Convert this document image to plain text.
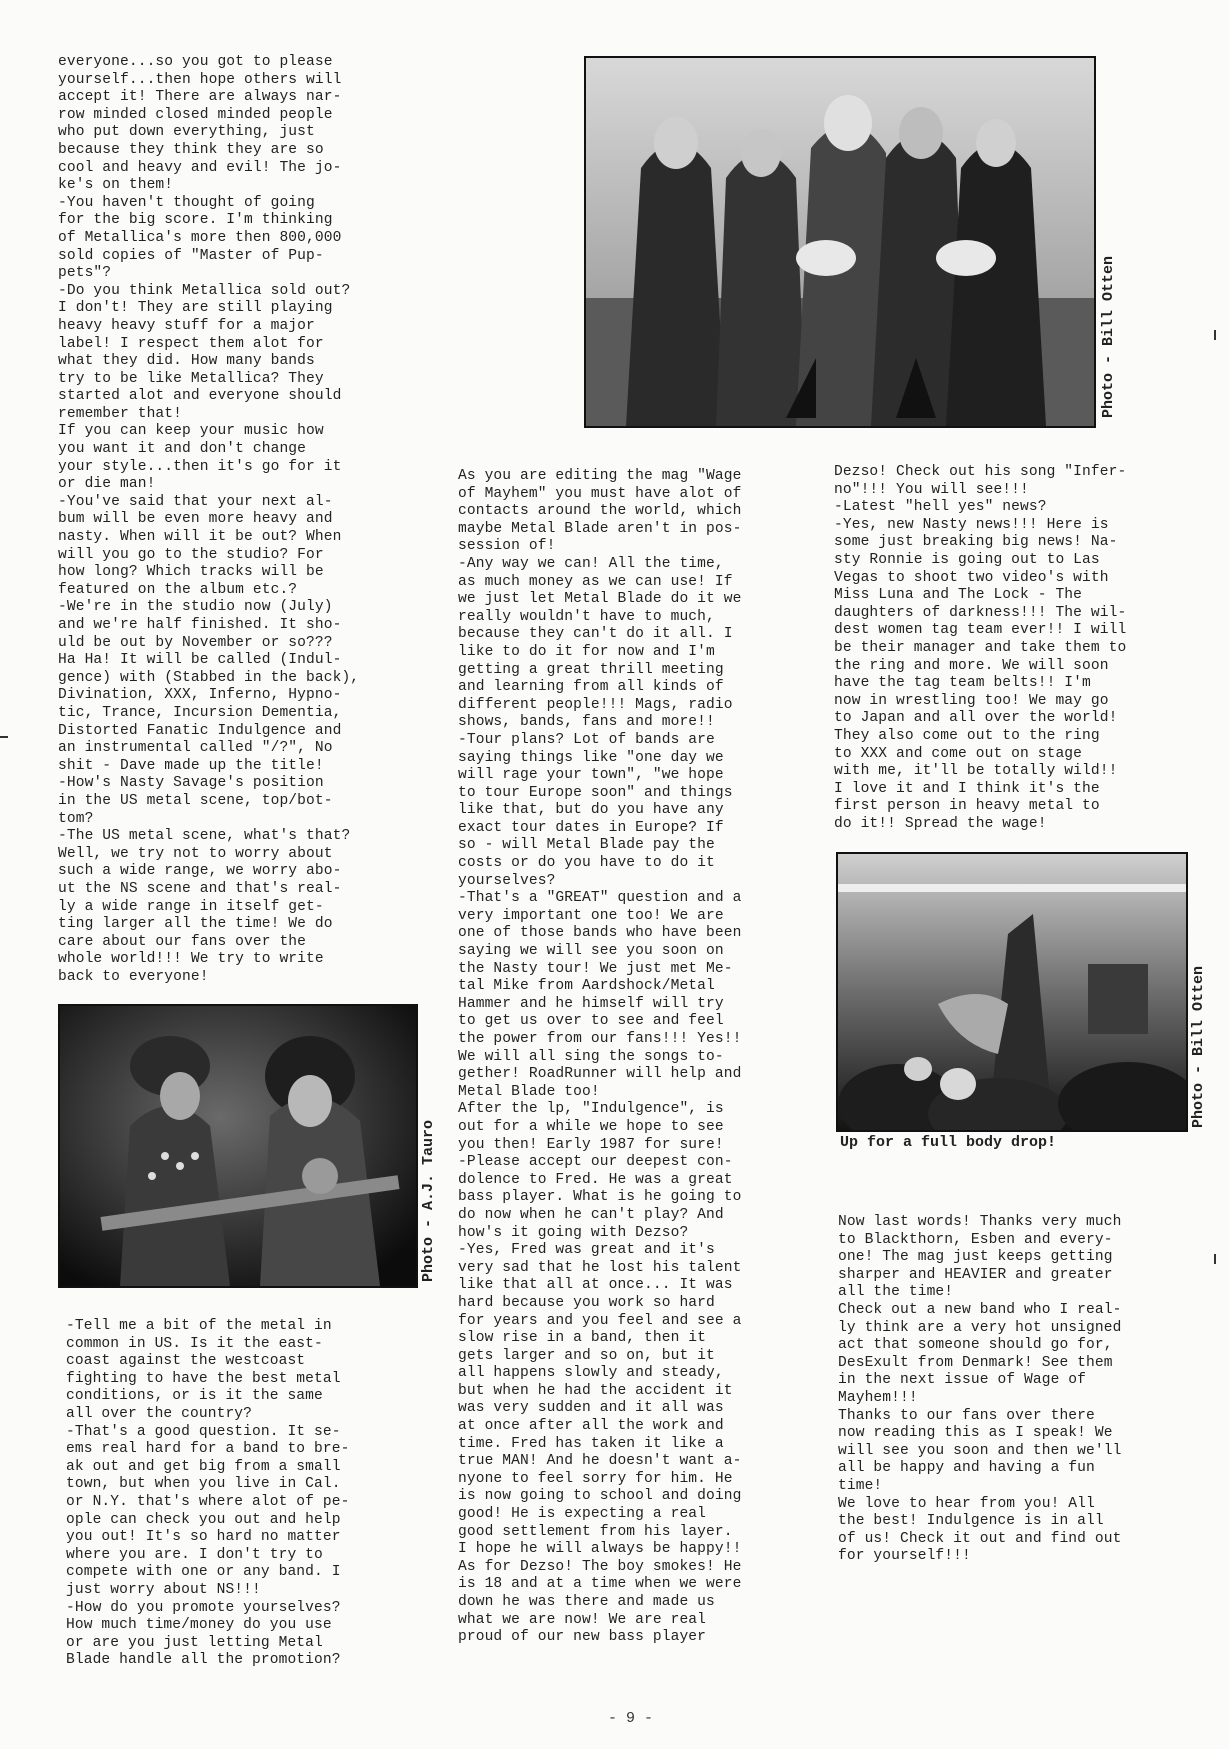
everyone...so you got to please
yourself...then hope others will
accept it! There are always nar-
row minded closed minded people
who put down everything, just
because they think they are so
cool and heavy and evil! The jo-
ke's on them!
-You haven't thought of going
for the big score. I'm thinking
of Metallica's more then 800,000
sold copies of "Master of Pup-
pets"?
-Do you think Metallica sold out?
I don't! They are still playing
heavy heavy stuff for a major
label! I respect them alot for
what they did. How many bands
try to be like Metallica? They
started alot and everyone should
remember that!
If you can keep your music how
you want it and don't change
your style...then it's go for it
or die man!
-You've said that your next al-
bum will be even more heavy and
nasty. When will it be out? When
will you go to the studio? For
how long? Which tracks will be
featured on the album etc.?
-We're in the studio now (July)
and we're half finished. It sho-
uld be out by November or so???
Ha Ha! It will be called (Indul-
gence) with (Stabbed in the back),
Divination, XXX, Inferno, Hypno-
tic, Trance, Incursion Dementia,
Distorted Fanatic Indulgence and
an instrumental called "/?", No
shit - Dave made up the title!
-How's Nasty Savage's position
in the US metal scene, top/bot-
tom?
-The US metal scene, what's that?
Well, we try not to worry about
such a wide range, we worry abo-
ut the NS scene and that's real-
ly a wide range in itself get-
ting larger all the time! We do
care about our fans over the
whole world!!! We try to write
back to everyone!
Photo - A.J. Tauro
-Tell me a bit of the metal in
common in US. Is it the east-
coast against the westcoast
fighting to have the best metal
conditions, or is it the same
all over the country?
-That's a good question. It se-
ems real hard for a band to bre-
ak out and get big from a small
town, but when you live in Cal.
or N.Y. that's where alot of pe-
ople can check you out and help
you out! It's so hard no matter
where you are. I don't try to
compete with one or any band. I
just worry about NS!!!
-How do you promote yourselves?
How much time/money do you use
or are you just letting Metal
Blade handle all the promotion?
Photo - Bill Otten
As you are editing the mag "Wage
of Mayhem" you must have alot of
contacts around the world, which
maybe Metal Blade aren't in pos-
session of!
-Any way we can! All the time,
as much money as we can use! If
we just let Metal Blade do it we
really wouldn't have to much,
because they can't do it all. I
like to do it for now and I'm
getting a great thrill meeting
and learning from all kinds of
different people!!! Mags, radio
shows, bands, fans and more!!
-Tour plans? Lot of bands are
saying things like "one day we
will rage your town", "we hope
to tour Europe soon" and things
like that, but do you have any
exact tour dates in Europe? If
so - will Metal Blade pay the
costs or do you have to do it
yourselves?
-That's a "GREAT" question and a
very important one too! We are
one of those bands who have been
saying we will see you soon on
the Nasty tour! We just met Me-
tal Mike from Aardshock/Metal
Hammer and he himself will try
to get us over to see and feel
the power from our fans!!! Yes!!
We will all sing the songs to-
gether! RoadRunner will help and
Metal Blade too!
After the lp, "Indulgence", is
out for a while we hope to see
you then! Early 1987 for sure!
-Please accept our deepest con-
dolence to Fred. He was a great
bass player. What is he going to
do now when he can't play? And
how's it going with Dezso?
-Yes, Fred was great and it's
very sad that he lost his talent
like that all at once... It was
hard because you work so hard
for years and you feel and see a
slow rise in a band, then it
gets larger and so on, but it
all happens slowly and steady,
but when he had the accident it
was very sudden and it all was
at once after all the work and
time. Fred has taken it like a
true MAN! And he doesn't want a-
nyone to feel sorry for him. He
is now going to school and doing
good! He is expecting a real
good settlement from his layer.
I hope he will always be happy!!
As for Dezso! The boy smokes! He
is 18 and at a time when we were
down he was there and made us
what we are now! We are real
proud of our new bass player
Dezso! Check out his song "Infer-
no"!!! You will see!!!
-Latest "hell yes" news?
-Yes, new Nasty news!!! Here is
some just breaking big news! Na-
sty Ronnie is going out to Las
Vegas to shoot two video's with
Miss Luna and The Lock - The
daughters of darkness!!! The wil-
dest women tag team ever!! I will
be their manager and take them to
the ring and more. We will soon
have the tag team belts!! I'm
now in wrestling too! We may go
to Japan and all over the world!
They also come out to the ring
to XXX and come out on stage
with me, it'll be totally wild!!
I love it and I think it's the
first person in heavy metal to
do it!! Spread the wage!
Photo - Bill Otten
Up for a full body drop!
Now last words! Thanks very much
to Blackthorn, Esben and every-
one! The mag just keeps getting
sharper and HEAVIER and greater
all the time!
Check out a new band who I real-
ly think are a very hot unsigned
act that someone should go for,
DesExult from Denmark! See them
in the next issue of Wage of
Mayhem!!!
Thanks to our fans over there
now reading this as I speak! We
will see you soon and then we'll
all be happy and having a fun
time!
We love to hear from you! All
the best! Indulgence is in all
of us! Check it out and find out
for yourself!!!
- 9 -
